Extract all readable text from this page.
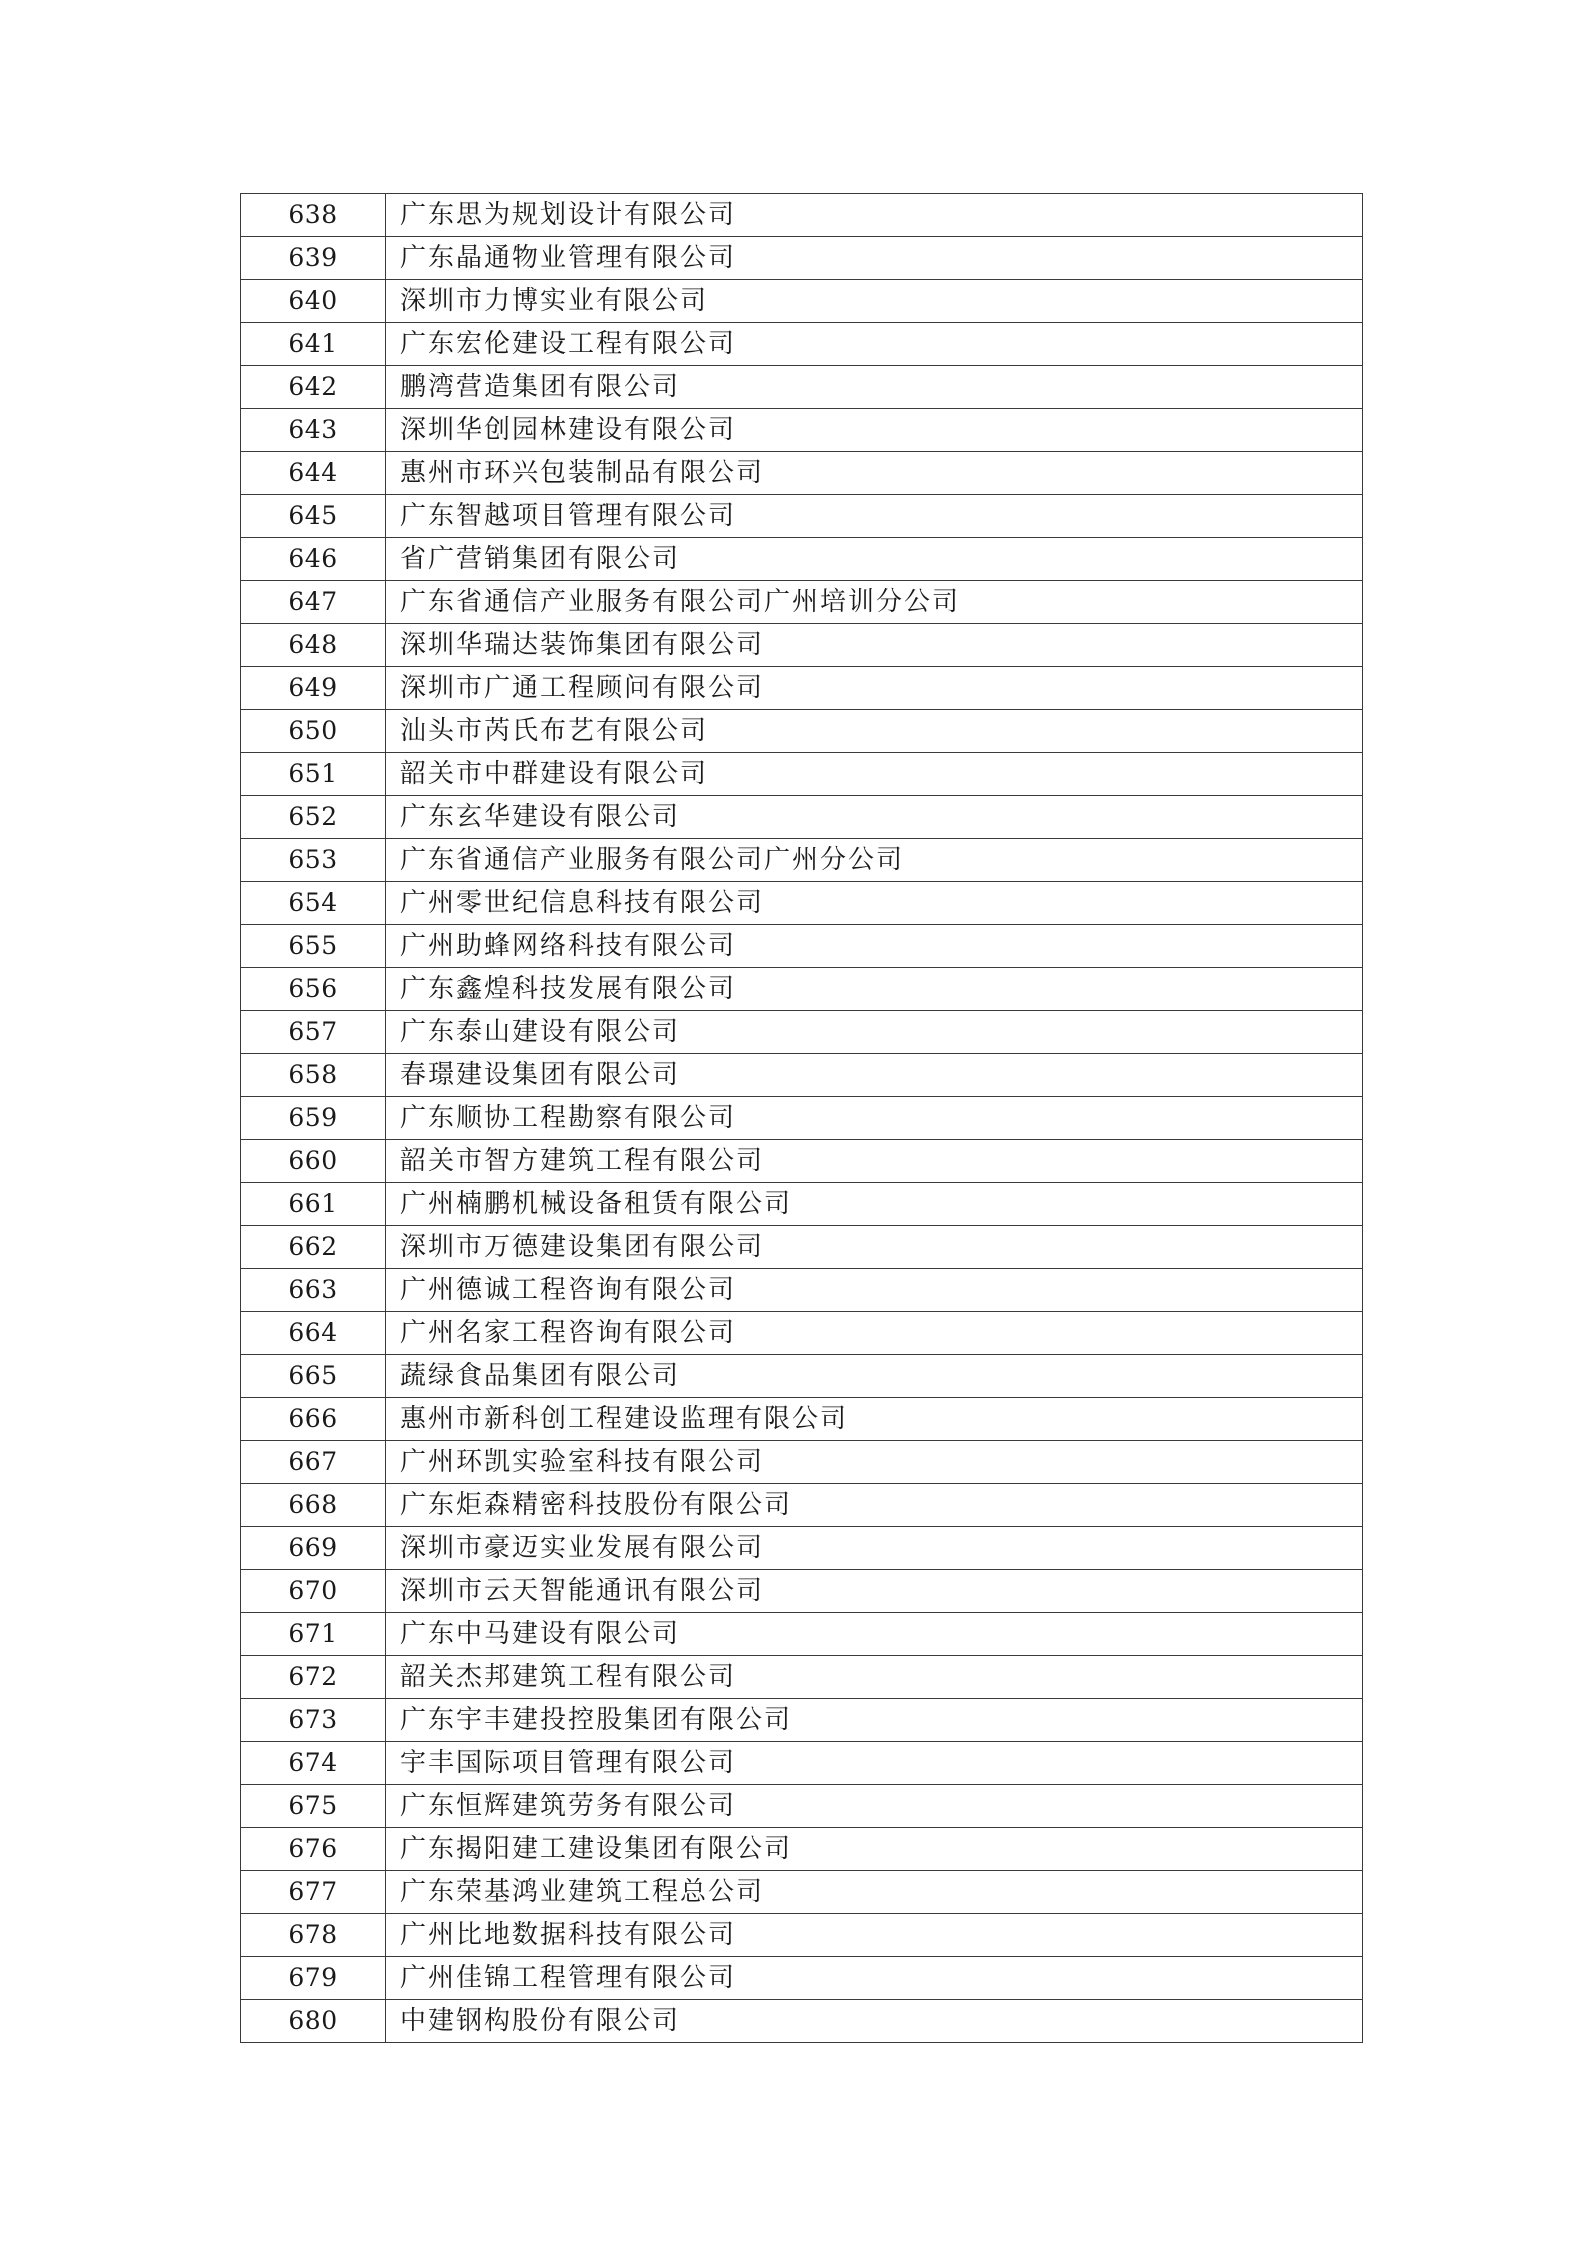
638	广东思为规划设计有限公司
639	广东晶通物业管理有限公司
640	深圳市力博实业有限公司
641	广东宏伦建设工程有限公司
642	鹏湾营造集团有限公司
643	深圳华创园林建设有限公司
644	惠州市环兴包装制品有限公司
645	广东智越项目管理有限公司
646	省广营销集团有限公司
647	广东省通信产业服务有限公司广州培训分公司
648	深圳华瑞达装饰集团有限公司
649	深圳市广通工程顾问有限公司
650	汕头市芮氏布艺有限公司
651	韶关市中群建设有限公司
652	广东玄华建设有限公司
653	广东省通信产业服务有限公司广州分公司
654	广州零世纪信息科技有限公司
655	广州助蜂网络科技有限公司
656	广东鑫煌科技发展有限公司
657	广东泰山建设有限公司
658	春璟建设集团有限公司
659	广东顺协工程勘察有限公司
660	韶关市智方建筑工程有限公司
661	广州楠鹏机械设备租赁有限公司
662	深圳市万德建设集团有限公司
663	广州德诚工程咨询有限公司
664	广州名家工程咨询有限公司
665	蔬绿食品集团有限公司
666	惠州市新科创工程建设监理有限公司
667	广州环凯实验室科技有限公司
668	广东炬森精密科技股份有限公司
669	深圳市豪迈实业发展有限公司
670	深圳市云天智能通讯有限公司
671	广东中马建设有限公司
672	韶关杰邦建筑工程有限公司
673	广东宇丰建投控股集团有限公司
674	宇丰国际项目管理有限公司
675	广东恒辉建筑劳务有限公司
676	广东揭阳建工建设集团有限公司
677	广东荣基鸿业建筑工程总公司
678	广州比地数据科技有限公司
679	广州佳锦工程管理有限公司
680	中建钢构股份有限公司
